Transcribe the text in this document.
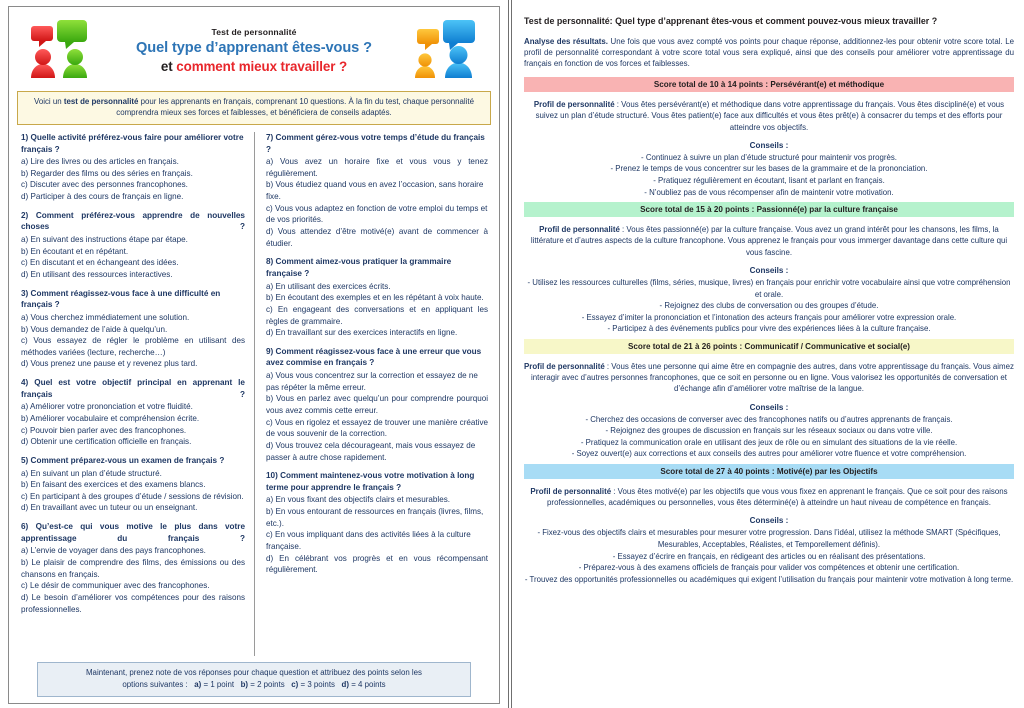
Test de personnalité
Quel type d’apprenant êtes-vous ?
et comment mieux travailler ?
Voici un test de personnalité pour les apprenants en français, comprenant 10 questions. À la fin du test, chaque personnalité comprendra mieux ses forces et faiblesses, et bénéficiera de conseils adaptés.
1) Quelle activité préférez-vous faire pour améliorer votre français ?
a) Lire des livres ou des articles en français.
b) Regarder des films ou des séries en français.
c) Discuter avec des personnes francophones.
d) Participer à des cours de français en ligne.
2) Comment préférez-vous apprendre de nouvelles choses ?
a) En suivant des instructions étape par étape.
b) En écoutant et en répétant.
c) En discutant et en échangeant des idées.
d) En utilisant des ressources interactives.
3) Comment réagissez-vous face à une difficulté en français ?
a) Vous cherchez immédiatement une solution.
b) Vous demandez de l’aide à quelqu’un.
c) Vous essayez de régler le problème en utilisant des méthodes variées (lecture, recherche…)
d) Vous prenez une pause et y revenez plus tard.
4) Quel est votre objectif principal en apprenant le français ?
a) Améliorer votre prononciation et votre fluidité.
b) Améliorer vocabulaire et compréhension écrite.
c) Pouvoir bien parler avec des francophones.
d) Obtenir une certification officielle en français.
5) Comment préparez-vous un examen de français ?
a) En suivant un plan d’étude structuré.
b) En faisant des exercices et des examens blancs.
c) En participant à des groupes d’étude / sessions de révision.
d) En travaillant avec un tuteur ou un enseignant.
6) Qu’est-ce qui vous motive le plus dans votre apprentissage du français ?
a) L’envie de voyager dans des pays francophones.
b) Le plaisir de comprendre des films, des émissions ou des chansons en français.
c) Le désir de communiquer avec des francophones.
d) Le besoin d’améliorer vos compétences pour des raisons professionnelles.
7) Comment gérez-vous votre temps d’étude du français ?
a) Vous avez un horaire fixe et vous vous y tenez régulièrement.
b) Vous étudiez quand vous en avez l’occasion, sans horaire fixe.
c) Vous vous adaptez en fonction de votre emploi du temps et de vos priorités.
d) Vous attendez d’être motivé(e) avant de commencer à étudier.
8) Comment aimez-vous pratiquer la grammaire française ?
a) En utilisant des exercices écrits.
b) En écoutant des exemples et en les répétant à voix haute.
c) En engageant des conversations et en appliquant les règles de grammaire.
d) En travaillant sur des exercices interactifs en ligne.
9) Comment réagissez-vous face à une erreur que vous avez commise en français ?
a) Vous vous concentrez sur la correction et essayez de ne pas répéter la même erreur.
b) Vous en parlez avec quelqu’un pour comprendre pourquoi vous avez commis cette erreur.
c) Vous en rigolez et essayez de trouver une manière créative de vous souvenir de la correction.
d) Vous trouvez cela décourageant, mais vous essayez de passer à autre chose rapidement.
10) Comment maintenez-vous votre motivation à long terme pour apprendre le français ?
a) En vous fixant des objectifs clairs et mesurables.
b) En vous entourant de ressources en français (livres, films, etc.).
c) En vous impliquant dans des activités liées à la culture française.
d) En célébrant vos progrès et en vous récompensant régulièrement.
Maintenant, prenez note de vos réponses pour chaque question et attribuez des points selon les
options suivantes : a) = 1 point b) = 2 points c) = 3 points d) = 4 points
Test de personnalité: Quel type d’apprenant êtes-vous et comment pouvez-vous mieux travailler ?
Analyse des résultats. Une fois que vous avez compté vos points pour chaque réponse, additionnez-les pour obtenir votre score total. Le profil de personnalité correspondant à votre score total vous sera expliqué, ainsi que des conseils pour améliorer votre apprentissage du français en fonction de vos forces et faiblesses.
Score total de 10 à 14 points : Persévérant(e) et méthodique
Profil de personnalité : Vous êtes persévérant(e) et méthodique dans votre apprentissage du français. Vous êtes discipliné(e) et vous suivez un plan d’étude structuré. Vous êtes patient(e) face aux difficultés et vous êtes prêt(e) à consacrer du temps et des efforts pour atteindre vos objectifs.
Conseils :
- Continuez à suivre un plan d’étude structuré pour maintenir vos progrès.
- Prenez le temps de vous concentrer sur les bases de la grammaire et de la prononciation.
- Pratiquez régulièrement en écoutant, lisant et parlant en français.
- N’oubliez pas de vous récompenser afin de maintenir votre motivation.
Score total de 15 à 20 points : Passionné(e) par la culture française
Profil de personnalité : Vous êtes passionné(e) par la culture française. Vous avez un grand intérêt pour les chansons, les films, la littérature et d’autres aspects de la culture francophone. Vous apprenez le français pour vous immerger davantage dans cette culture qui vous fascine.
Conseils :
- Utilisez les ressources culturelles (films, séries, musique, livres) en français pour enrichir votre vocabulaire ainsi que votre compréhension et orale.
- Rejoignez des clubs de conversation ou des groupes d’étude.
- Essayez d’imiter la prononciation et l’intonation des acteurs français pour améliorer votre expression orale.
- Participez à des événements publics pour vivre des expériences liées à la culture française.
Score total de 21 à 26 points : Communicatif / Communicative et social(e)
Profil de personnalité : Vous êtes une personne qui aime être en compagnie des autres, dans votre apprentissage du français. Vous aimez interagir avec d’autres personnes francophones, que ce soit en personne ou en ligne. Vous valorisez les opportunités de conversation et d’échange afin d’améliorer votre maîtrise de la langue.
Conseils :
- Cherchez des occasions de converser avec des francophones natifs ou d’autres apprenants de français.
- Rejoignez des groupes de discussion en français sur les réseaux sociaux ou dans votre ville.
- Pratiquez la communication orale en utilisant des jeux de rôle ou en simulant des situations de la vie réelle.
- Soyez ouvert(e) aux corrections et aux conseils des autres pour améliorer votre fluence et votre compréhension.
Score total de 27 à 40 points : Motivé(e) par les Objectifs
Profil de personnalité : Vous êtes motivé(e) par les objectifs que vous vous fixez en apprenant le français. Que ce soit pour des raisons professionnelles, académiques ou personnelles, vous êtes déterminé(e) à atteindre un haut niveau de compétence en français.
Conseils :
- Fixez-vous des objectifs clairs et mesurables pour mesurer votre progression. Dans l’idéal, utilisez la méthode SMART (Spécifiques, Mesurables, Acceptables, Réalistes, et Temporellement définis).
- Essayez d’écrire en français, en rédigeant des articles ou en réalisant des présentations.
- Préparez-vous à des examens officiels de français pour valider vos compétences et obtenir une certification.
- Trouvez des opportunités professionnelles ou académiques qui exigent l’utilisation du français pour maintenir votre motivation à long terme.
